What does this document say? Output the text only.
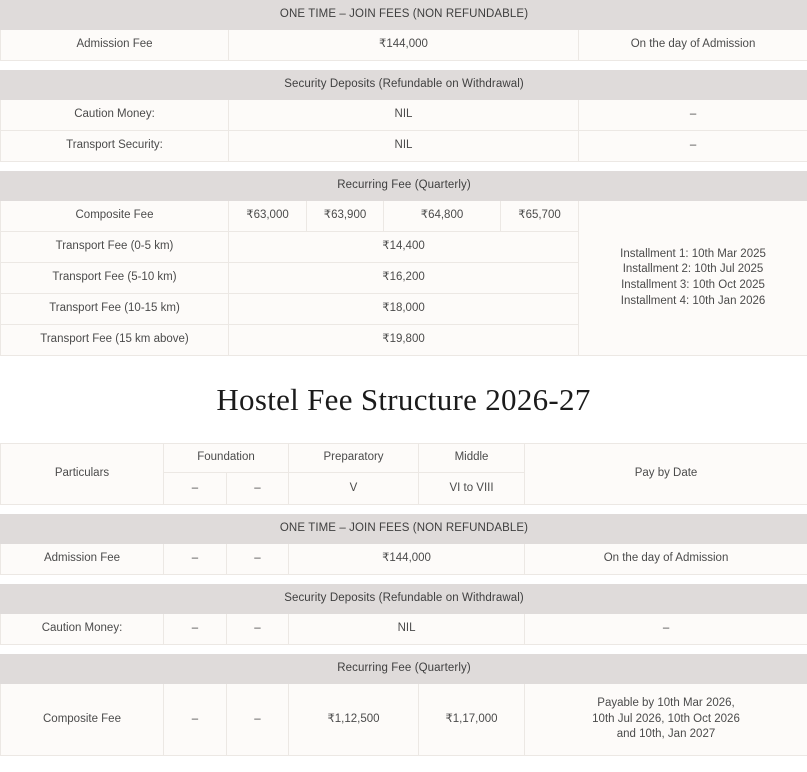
ONE TIME – JOIN FEES (NON REFUNDABLE)					
Admission Fee	₹144,000				On the day of Admission

Security Deposits (Refundable on Withdrawal)					
Caution Money:	NIL				–
Transport Security:	NIL				–

Recurring Fee (Quarterly)					
Composite Fee	₹63,000	₹63,900	₹64,800	₹65,700	Installment 1: 10th Mar 2025
Installment 2: 10th Jul 2025
Installment 3: 10th Oct 2025
Installment 4: 10th Jan 2026

Transport Fee (0-5 km)	₹14,400				
Transport Fee (5-10 km)	₹16,200				
Transport Fee (10-15 km)	₹18,000				
Transport Fee (15 km above)	₹19,800				
Hostel Fee Structure 2026-27
Particulars	Foundation		Preparatory	Middle	Pay by Date
	–	–	V	VI to VIII	

ONE TIME – JOIN FEES (NON REFUNDABLE)					
Admission Fee	–	–	₹144,000		On the day of Admission

Security Deposits (Refundable on Withdrawal)					
Caution Money:	–	–	NIL		–

Recurring Fee (Quarterly)					
Composite Fee	–	–	₹1,12,500	₹1,17,000	Payable by 10th Mar 2026,
10th Jul 2026, 10th Oct 2026
and 10th, Jan 2027
